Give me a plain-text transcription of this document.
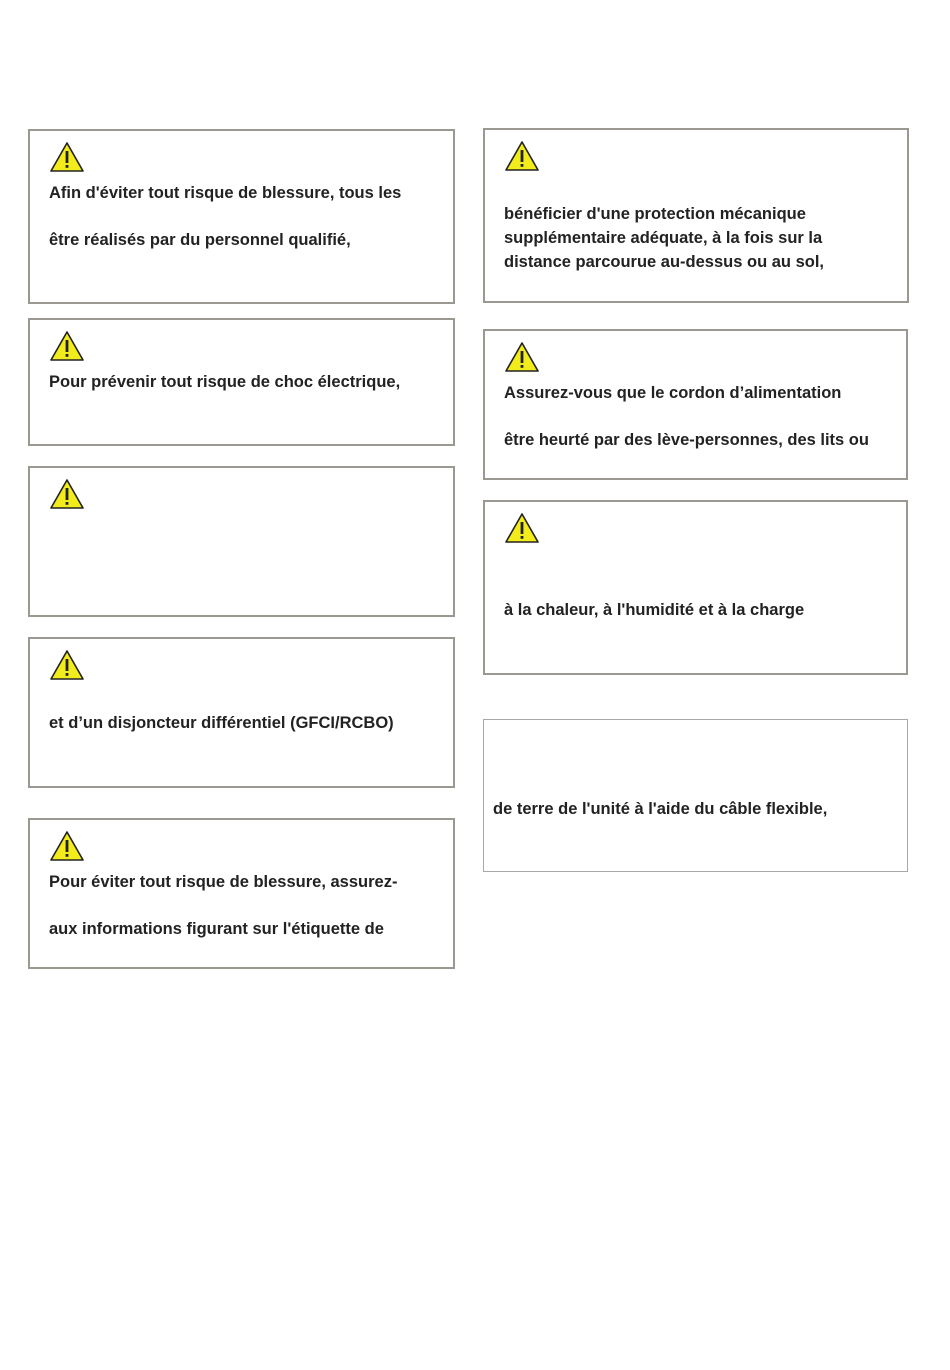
Afin d'éviter tout risque de blessure, tous les

être réalisés par du personnel qualifié,

Pour prévenir tout risque de choc électrique,

et d’un disjoncteur différentiel (GFCI/RCBO)

Pour éviter tout risque de blessure, assurez-

aux informations figurant sur l'étiquette de

bénéficier d'une protection mécanique

supplémentaire adéquate, à la fois sur la

distance parcourue au-dessus ou au sol,

Assurez-vous que le cordon d’alimentation

être heurté par des lève-personnes, des lits ou

à la chaleur, à l'humidité et à la charge

de terre de l'unité à l'aide du câble flexible,
